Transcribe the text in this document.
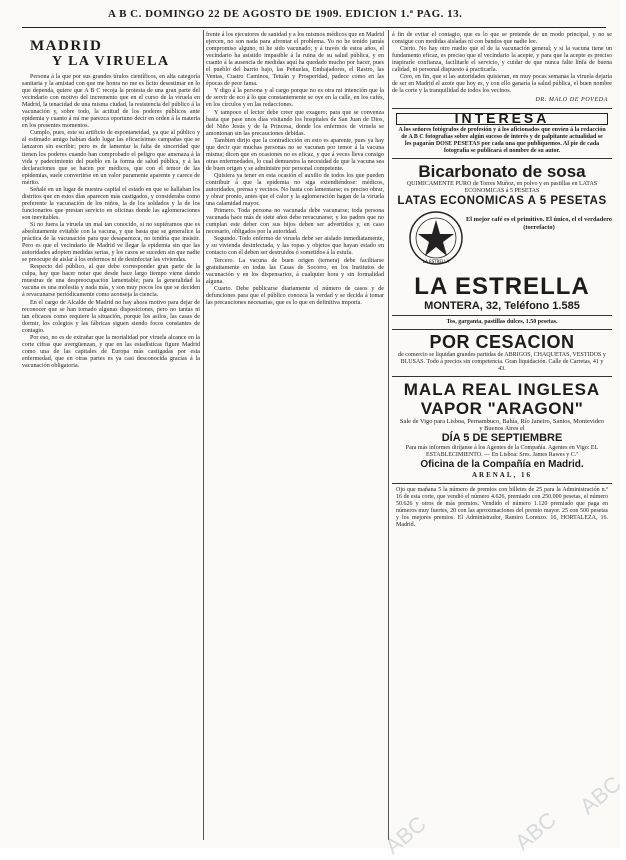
A B C. DOMINGO 22 DE AGOSTO DE 1909. EDICION 1.ª PAG. 13.
MADRID
Y LA VIRUELA

Persona á la que por sus grandes títulos científicos, en alta categoría sanitaria y la amistad con que me honra no me es lícito desestimar en lo que dependa, quiere que A B C recoja la protesta de una gran parte del vecindario con motivo del incremento que en el curso de la viruela en Madrid, la tenacidad de una misma ciudad, la resistencia del público á la vacunación y, sobre todo, la actitud de los poderes públicos ante epidemia y cuanto á mí me parezca oportuno decir en orden á la materia en los presentes momentos.

Cumplo, pues, este su artificio de espontaneidad, ya que al público y al estimado amigo habían dado lugar las eficacísimas campañas que se lanzaron sin escribir; pero es de lamentar la falta de sinceridad que tienen los poderes cuando han comprobado el peligro que amenaza á la vida y padecimiento del pueblo en la forma de salud pública, y á las declaraciones que se hacen por médicos, que con el temor de las epidemias, suele convertirse en un valor puramente aparente y carece de mérito.

Señalé en un lugar de nuestra capital el estado en que se hallaban los distritos que en estos días aparecen más castigados, y consideraba como preferente la vacunación de los niños, la de los soldados y la de los funcionarios que prestan servicio en oficinas donde las aglomeraciones son inevitables.

Si no fuera la viruela un mal tan conocido, si no supiéramos que es absolutamente evitable con la vacuna, y que basta que se generalice la práctica de la vacunación para que desaparezca, no tendría que insistir. Pero es que el vecindario de Madrid ve llegar la epidemia sin que las autoridades adopten medidas serias, y los casos se suceden sin que nadie se preocupe de aislar á los enfermos ni de desinfectar las viviendas.

Respecto del público, al que debe corresponder gran parte de la culpa, hay que hacer notar que desde hace largo tiempo viene dando muestras de una despreocupación lamentable; para la generalidad la vacuna es una molestia y nada más, y son muy pocos los que se deciden á revacunarse periódicamente como aconseja la ciencia.

En el cargo de Alcalde de Madrid no hay ahora motivo para dejar de reconocer que se han tomado algunas disposiciones, pero no tantas ni tan eficaces como requiere la situación, porque los asilos, las casas de dormir, los colegios y las fábricas siguen siendo focos constantes de contagio.

Por eso, no es de extrañar que la mortalidad por viruela alcance en la corte cifras que avergüenzan, y que en las estadísticas figure Madrid como una de las capitales de Europa más castigadas por esta enfermedad, que en otras partes es ya casi desconocida gracias á la vacunación obligatoria.

frente á los ejecutores de sanidad y a los mismos médicos que en Madrid ejercen, no son nada para afrontar el problema. Yo no he tenido jamás compromiso alguno, ni he sido vacunado; y á través de estos años, el vecindario ha asistido impasible á la ruina de su salud pública, y en cuanto á la ausencia de medidas aquí ha quedado mucho por hacer, pues el pueblo del barrio bajo, las Peñuelas, Embajadores, el Rastro, las Ventas, Cuatro Caminos, Tetuán y Prosperidad, padece como en las épocas de peor fama.

Y digo á la persona y al cargo porque no es otra mi intención que la de servir de eco á lo que constantemente se oye en la calle, en los cafés, en los círculos y en las redacciones.

Y tampoco el lector debe creer que exagero; para que se convenza basta que pase unos días visitando los hospitales de San Juan de Dios, del Niño Jesús y de la Princesa, donde los enfermos de viruela se amontonan sin las precauciones debidas.

Tambien dirijo que la contradicción en esto es aparente, pues ya hay que decir que muchas personas no se vacunan por temor á la vacuna misma; dicen que en ocasiones no es eficaz, y que á veces lleva consigo otras enfermedades, lo cual demuestra la necesidad de que la vacuna sea de buen origen y se administre por personal competente.

Quisiera ya tener en esta ocasión el auxilio de todos los que pueden contribuir á que la epidemia no siga extendiéndose: médicos, autoridades, prensa y vecinos. No basta con lamentarse; es preciso obrar, y obrar pronto, antes que el calor y la aglomeración hagan de la viruela una calamidad mayor.

Primero. Toda persona no vacunada debe vacunarse; toda persona vacunada hace más de siete años debe revacunarse; y los padres que no cumplan este deber con sus hijos deben ser advertidos y, en caso necesario, obligados por la autoridad.

Segundo. Todo enfermo de viruela debe ser aislado inmediatamente, y su vivienda desinfectada, y las ropas y objetos que hayan estado en contacto con él deben ser destruidos ó sometidos á la estufa.

Tercero. La vacuna de buen origen (ternera) debe facilitarse gratuitamente en todas las Casas de Socorro, en los Institutos de vacunación y en los dispensarios, á cualquier hora y sin formalidad alguna.

Cuarto. Debe publicarse diariamente el número de casos y de defunciones para que el público conozca la verdad y se decida á tomar las precauciones necesarias, que es lo que en definitiva importa.

á fin de evitar el contagio, que es lo que se pretende de un modo principal, y no se consigue con medidas aisladas ni con bandos que nadie lee.

Cierto. No hay otro medio que el de la vacunación general; y si la vacuna tiene un fundamento eficaz, es preciso que el vecindario la acepte, y para que la acepte es preciso inspirarle confianza, facilitarle el servicio, y cuidar de que nunca falte linfa de buena calidad, ni personal dispuesto á practicarla.

Creo, en fin, que si las autoridades quisieran, en muy pocas semanas la viruela dejaría de ser en Madrid el azote que hoy es, y con ello ganaría la salud pública, el buen nombre de la corte y la tranquilidad de todos los vecinos.

DR. MALO DE POVEDA
INTERESA
A los señores fotógrafos de profesión y á los aficionados que envíen á la redacción de A B C fotografías sobre algún suceso de interés y de palpitante actualidad se les pagarán DOSE PESETAS por cada una que publiquemos. Al pie de cada fotografía se publicará el nombre de su autor.
Bicarbonato de sosa
QUIMICAMENTE PURO de Torres Muñoz, en polvo y en pastillas en LATAS ECONOMICAS á 5 PESETAS
LATAS ECONOMICAS A 5 PESETAS
LA ESTRELLA
El mejor café es el primitivo. El único, el el verdadero (torrefacto)
LA ESTRELLA
MONTERA, 32, Teléfono 1.585
Tos, garganta, pastillas dulces, 1.50 pesetas.
POR CESACION
de comercio se liquidan grandes partidas de ABRIGOS, CHAQUETAS, VESTIDOS y BLUSAS. Todo á precios sin competencia. Gran liquidación. Calle de Carretas, 41 y 43.
MALA REAL INGLESA
VAPOR "ARAGON"
Sale de Vigo para Lisboa, Pernambuco, Bahía, Río Janeiro, Santos, Montevideo y Buenos Aires el
DÍA 5 DE SEPTIEMBRE
Para más informes diríjanse á los Agentes de la Compañía. Agentes en Vigo: EL ESTABLECIMIENTO. — En Lisboa: Sres. James Rawes y C.ª
Oficina de la Compañía en Madrid.
ARENAL, 16
Ojo que mañana 5 la número de premios con billetes de 25 para la Administración n.º 16 de esta corte, que vendió el número 4.626, premiado con 250.000 pesetas, el número 50.626 y otros de más premios. Vendido el número 1.120 premiado que paga en números muy fuertes, 20 con las aproximaciones del premio mayor. 25 con 500 pesetas y los mejores premios. El Administrador, Ramiro Lorenzo. 16, HORTALEZA, 16. Madrid.
ABC
ABC
ABC
